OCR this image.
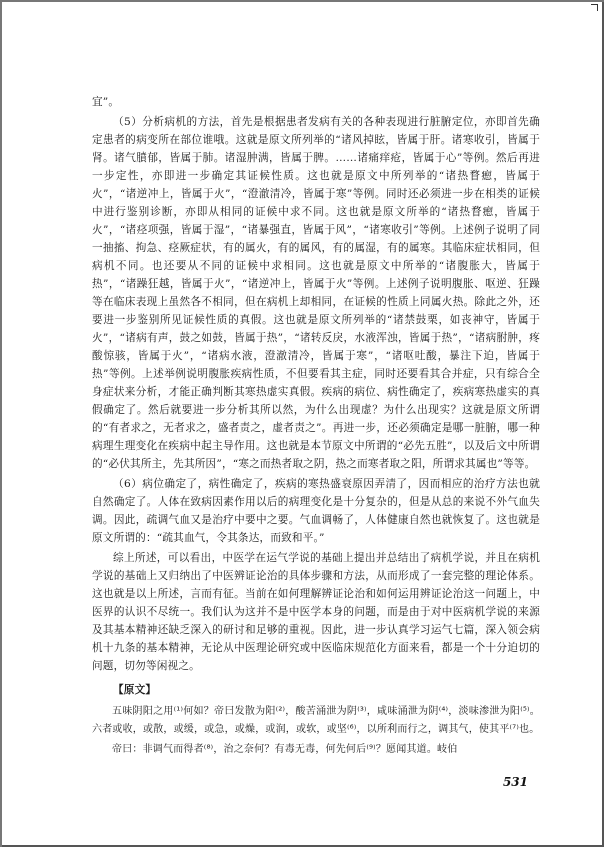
宜”。

（5）分析病机的方法，首先是根据患者发病有关的各种表现进行脏腑定位，亦即首先确定患者的病变所在部位谁哦。这就是原文所列举的“诸风掉眩，皆属于肝。诸寒收引，皆属于肾。诸气膹郁，皆属于肺。诸湿肿满，皆属于脾。……诸痛痒疮，皆属于心”等例。然后再进一步定性，亦即进一步确定其证候性质。这也就是原文中所列举的“诸热瞀瘛，皆属于火”，“诸逆冲上，皆属于火”，“澄澈清冷，皆属于寒”等例。同时还必须进一步在相类的证候中进行鉴别诊断，亦即从相同的证候中求不同。这也就是原文所举的“诸热瞀瘛，皆属于火”，“诸痉项强，皆属于湿”，“诸暴强直，皆属于风”，“诸寒收引”等例。上述例子说明了同一抽搐、拘急、痉厥症状，有的属火，有的属风，有的属湿，有的属寒。其临床症状相同，但病机不同。也还要从不同的证候中求相同。这也就是原文中所举的“诸腹胀大，皆属于热”，“诸躁狂越，皆属于火”，“诸逆冲上，皆属于火”等例。上述例子说明腹胀、呕逆、狂躁等在临床表现上虽然各不相同，但在病机上却相同，在证候的性质上同属火热。除此之外，还要进一步鉴别所见证候性质的真假。这也就是原文所列举的“诸禁鼓栗，如丧神守，皆属于火”，“诸病有声，鼓之如鼓，皆属于热”，“诸转反戾，水液浑浊，皆属于热”，“诸病胕肿，疼酸惊骇，皆属于火”，“诸病水液，澄澈清冷，皆属于寒”，“诸呕吐酸，暴注下迫，皆属于热”等例。上述举例说明腹胀疾病性质，不但要看其主症，同时还要看其合并症，只有综合全身症状来分析，才能正确判断其寒热虚实真假。疾病的病位、病性确定了，疾病寒热虚实的真假确定了。然后就要进一步分析其所以然，为什么出现虚？为什么出现实？这就是原文所谓的“有者求之，无者求之，盛者责之，虚者责之”。再进一步，还必须确定是哪一脏腑，哪一种病理生理变化在疾病中起主导作用。这也就是本节原文中所谓的“必先五胜”，以及后文中所谓的“必伏其所主，先其所因”，“寒之而热者取之阴，热之而寒者取之阳，所谓求其属也”等等。

（6）病位确定了，病性确定了，疾病的寒热盛衰原因弄清了，因而相应的治疗方法也就自然确定了。人体在致病因素作用以后的病理变化是十分复杂的，但是从总的来说不外气血失调。因此，疏调气血又是治疗中要中之要。气血调畅了，人体健康自然也就恢复了。这也就是原文所谓的：“疏其血气，令其条达，而致和平。”

综上所述，可以看出，中医学在运气学说的基础上提出并总结出了病机学说，并且在病机学说的基础上又归纳出了中医辨证论治的具体步骤和方法，从而形成了一套完整的理论体系。这也就是以上所述，言而有征。当前在如何理解辨证论治和如何运用辨证论治这一问题上，中医界的认识不尽统一。我们认为这并不是中医学本身的问题，而是由于对中医病机学说的来源及其基本精神还缺乏深入的研讨和足够的重视。因此，进一步认真学习运气七篇，深入领会病机十九条的基本精神，无论从中医理论研究或中医临床规范化方面来看，都是一个十分迫切的问题，切勿等闲视之。

【原文】

五味阴阳之用⁽¹⁾何如？帝曰发散为阳⁽²⁾，酸苦涌泄为阴⁽³⁾，咸味涌泄为阴⁽⁴⁾，淡味渗泄为阳⁽⁵⁾。六者或收，或散，或缓，或急，或燥，或润，或软，或坚⁽⁶⁾，以所利而行之，调其气，使其平⁽⁷⁾也。

帝曰：非调气而得者⁽⁸⁾，治之奈何？有毒无毒，何先何后⁽⁹⁾？愿闻其道。岐伯

531
